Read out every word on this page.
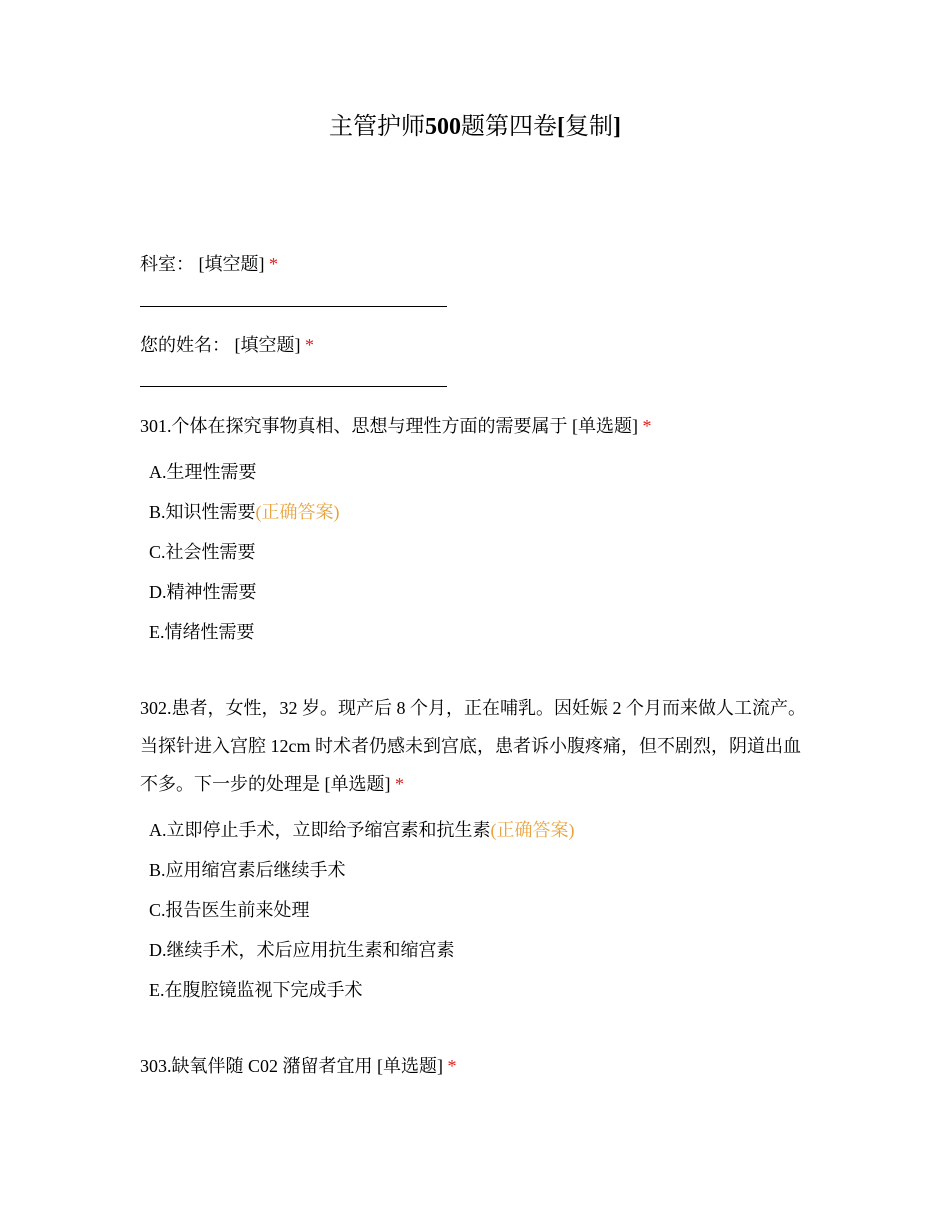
主管护师500题第四卷[复制]
科室： [填空题] *
您的姓名： [填空题] *
301.个体在探究事物真相、思想与理性方面的需要属于 [单选题] *
A.生理性需要
B.知识性需要(正确答案)
C.社会性需要
D.精神性需要
E.情绪性需要
302.患者，女性，32 岁。现产后 8 个月，正在哺乳。因妊娠 2 个月而来做人工流产。当探针进入宫腔 12cm 时术者仍感未到宫底，患者诉小腹疼痛，但不剧烈，阴道出血不多。下一步的处理是 [单选题] *
A.立即停止手术，立即给予缩宫素和抗生素(正确答案)
B.应用缩宫素后继续手术
C.报告医生前来处理
D.继续手术，术后应用抗生素和缩宫素
E.在腹腔镜监视下完成手术
303.缺氧伴随 C02 潴留者宜用 [单选题] *
